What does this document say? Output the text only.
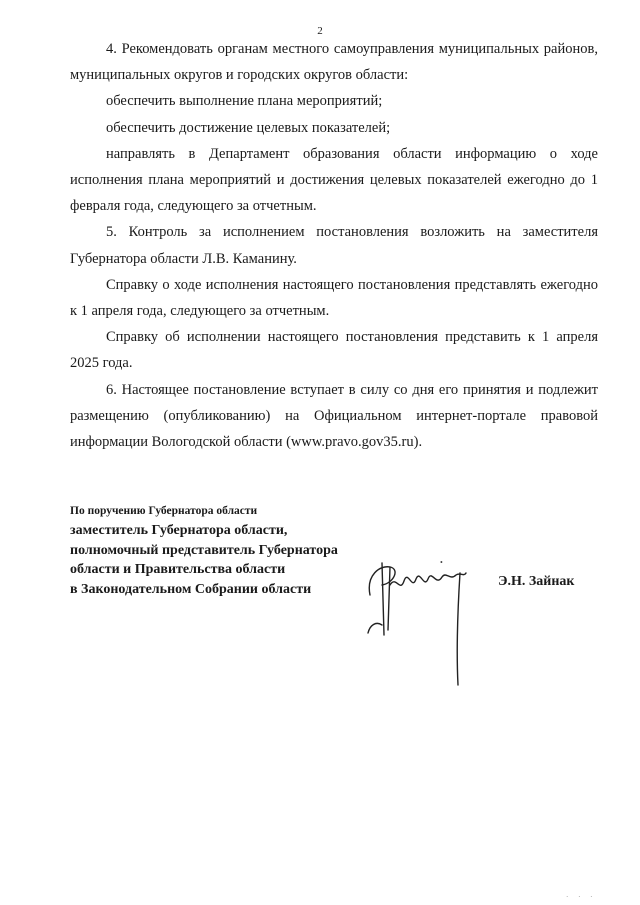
2

4. Рекомендовать органам местного самоуправления муниципальных районов, муниципальных округов и городских округов области:

обеспечить выполнение плана мероприятий;

обеспечить достижение целевых показателей;

направлять в Департамент образования области информацию о ходе исполнения плана мероприятий и достижения целевых показателей ежегодно до 1 февраля года, следующего за отчетным.

5. Контроль за исполнением постановления возложить на заместителя Губернатора области Л.В. Каманину.

Справку о ходе исполнения настоящего постановления представлять ежегодно к 1 апреля года, следующего за отчетным.

Справку об исполнении настоящего постановления представить к 1 апреля 2025 года.

6. Настоящее постановление вступает в силу со дня его принятия и подлежит размещению (опубликованию) на Официальном интернет-портале правовой информации Вологодской области (www.pravo.gov35.ru).

По поручению Губернатора области
заместитель Губернатора области,
полномочный представитель Губернатора
области и Правительства области
в Законодательном Собрании области
•
Э.Н. Зайнак
· · ·
